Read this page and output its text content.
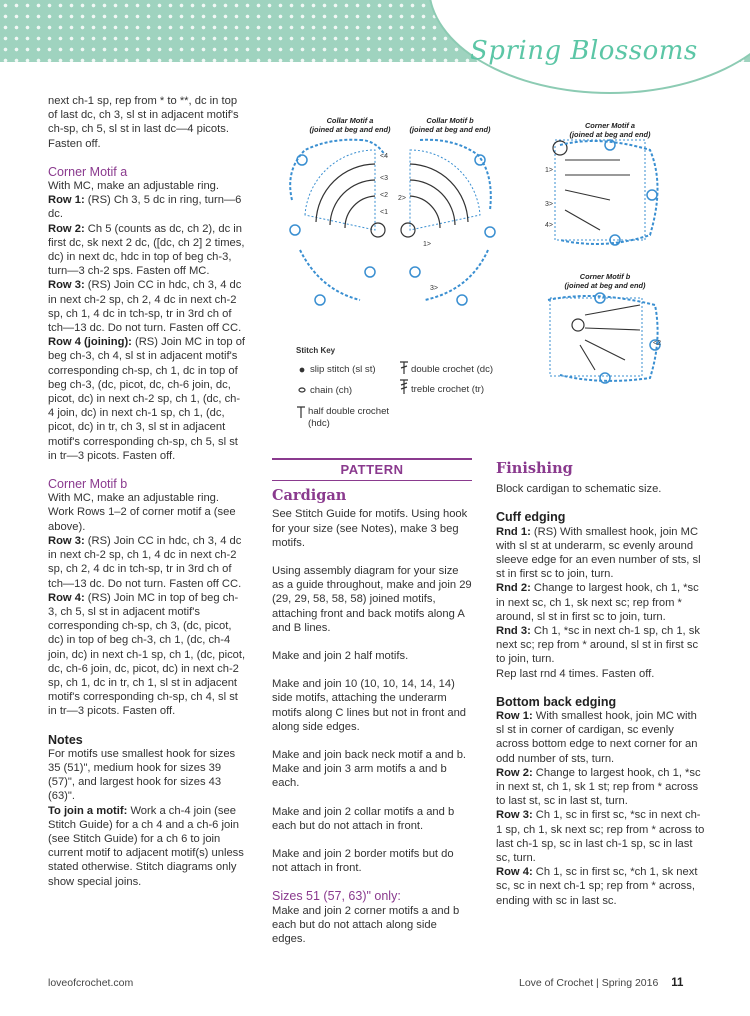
Spring Blossoms

next ch-1 sp, rep from * to **, dc in top of last dc, ch 3, sl st in adjacent motif's ch-sp, ch 5, sl st in last dc—4 picots. Fasten off.

Corner Motif a

With MC, make an adjustable ring.

Row 1: (RS) Ch 3, 5 dc in ring, turn—6 dc.

Row 2: Ch 5 (counts as dc, ch 2), dc in first dc, sk next 2 dc, ([dc, ch 2] 2 times, dc) in next dc, hdc in top of beg ch-3, turn—3 ch-2 sps. Fasten off MC.

Row 3: (RS) Join CC in hdc, ch 3, 4 dc in next ch-2 sp, ch 2, 4 dc in next ch-2 sp, ch 1, 4 dc in tch-sp, tr in 3rd ch of tch—13 dc. Do not turn. Fasten off CC.

Row 4 (joining): (RS) Join MC in top of beg ch-3, ch 4, sl st in adjacent motif's corresponding ch-sp, ch 1, dc in top of beg ch-3, (dc, picot, dc, ch-6 join, dc, picot, dc) in next ch-2 sp, ch 1, (dc, ch-4 join, dc) in next ch-1 sp, ch 1, (dc, picot, dc) in tr, ch 3, sl st in adjacent motif's corresponding ch-sp, ch 5, sl st in tr—3 picots. Fasten off.

Corner Motif b

With MC, make an adjustable ring. Work Rows 1–2 of corner motif a (see above).

Row 3: (RS) Join CC in hdc, ch 3, 4 dc in next ch-2 sp, ch 1, 4 dc in next ch-2 sp, ch 2, 4 dc in tch-sp, tr in 3rd ch of tch—13 dc. Do not turn. Fasten off CC.

Row 4: (RS) Join MC in top of beg ch-3, ch 5, sl st in adjacent motif's corresponding ch-sp, ch 3, (dc, picot, dc) in top of beg ch-3, ch 1, (dc, ch-4 join, dc) in next ch-1 sp, ch 1, (dc, picot, dc, ch-6 join, dc, picot, dc) in next ch-2 sp, ch 1, dc in tr, ch 1, sl st in adjacent motif's corresponding ch-sp, ch 4, sl st in tr—3 picots. Fasten off.

Notes

For motifs use smallest hook for sizes 35 (51)", medium hook for sizes 39 (57)", and largest hook for sizes 43 (63)".

To join a motif: Work a ch-4 join (see Stitch Guide) for a ch 4 and a ch-6 join (see Stitch Guide) for a ch 6 to join current motif to adjacent motif(s) unless stated otherwise. Stitch diagrams only show special joins.

Collar Motif a
(joined at beg and end)
Collar Motif b
(joined at beg and end)	Corner Motif a
(joined at beg and end)
Corner Motif b
(joined at beg and end)
<4
<3
<2
<1
2>
1>
3>
1>
3>
4>
<2
Stitch Key
slip stitch (sl st)
chain (ch)
half double crochet (hdc)
double crochet (dc)
treble crochet (tr)
PATTERN

Cardigan

See Stitch Guide for motifs. Using hook for your size (see Notes), make 3 beg motifs.

Using assembly diagram for your size as a guide throughout, make and join 29 (29, 29, 58, 58, 58) joined motifs, attaching front and back motifs along A and B lines.

Make and join 2 half motifs.

Make and join 10 (10, 10, 14, 14, 14) side motifs, attaching the underarm motifs along C lines but not in front and along side edges.

Make and join back neck motif a and b. Make and join 3 arm motifs a and b each.

Make and join 2 collar motifs a and b each but do not attach in front.

Make and join 2 border motifs but do not attach in front.

Sizes 51 (57, 63)" only:

Make and join 2 corner motifs a and b each but do not attach along side edges.

Finishing

Block cardigan to schematic size.

Cuff edging

Rnd 1: (RS) With smallest hook, join MC with sl st at underarm, sc evenly around sleeve edge for an even number of sts, sl st in first sc to join, turn.

Rnd 2: Change to largest hook, ch 1, *sc in next sc, ch 1, sk next sc; rep from * around, sl st in first sc to join, turn.

Rnd 3: Ch 1, *sc in next ch-1 sp, ch 1, sk next sc; rep from * around, sl st in first sc to join, turn.

Rep last rnd 4 times. Fasten off.

Bottom back edging

Row 1: With smallest hook, join MC with sl st in corner of cardigan, sc evenly across bottom edge to next corner for an odd number of sts, turn.

Row 2: Change to largest hook, ch 1, *sc in next st, ch 1, sk 1 st; rep from * across to last st, sc in last st, turn.

Row 3: Ch 1, sc in first sc, *sc in next ch-1 sp, ch 1, sk next sc; rep from * across to last ch-1 sp, sc in last ch-1 sp, sc in last sc, turn.

Row 4: Ch 1, sc in first sc, *ch 1, sk next sc, sc in next ch-1 sp; rep from * across, ending with sc in last sc.

loveofcrochet.com	Love of Crochet | Spring 2016 11
